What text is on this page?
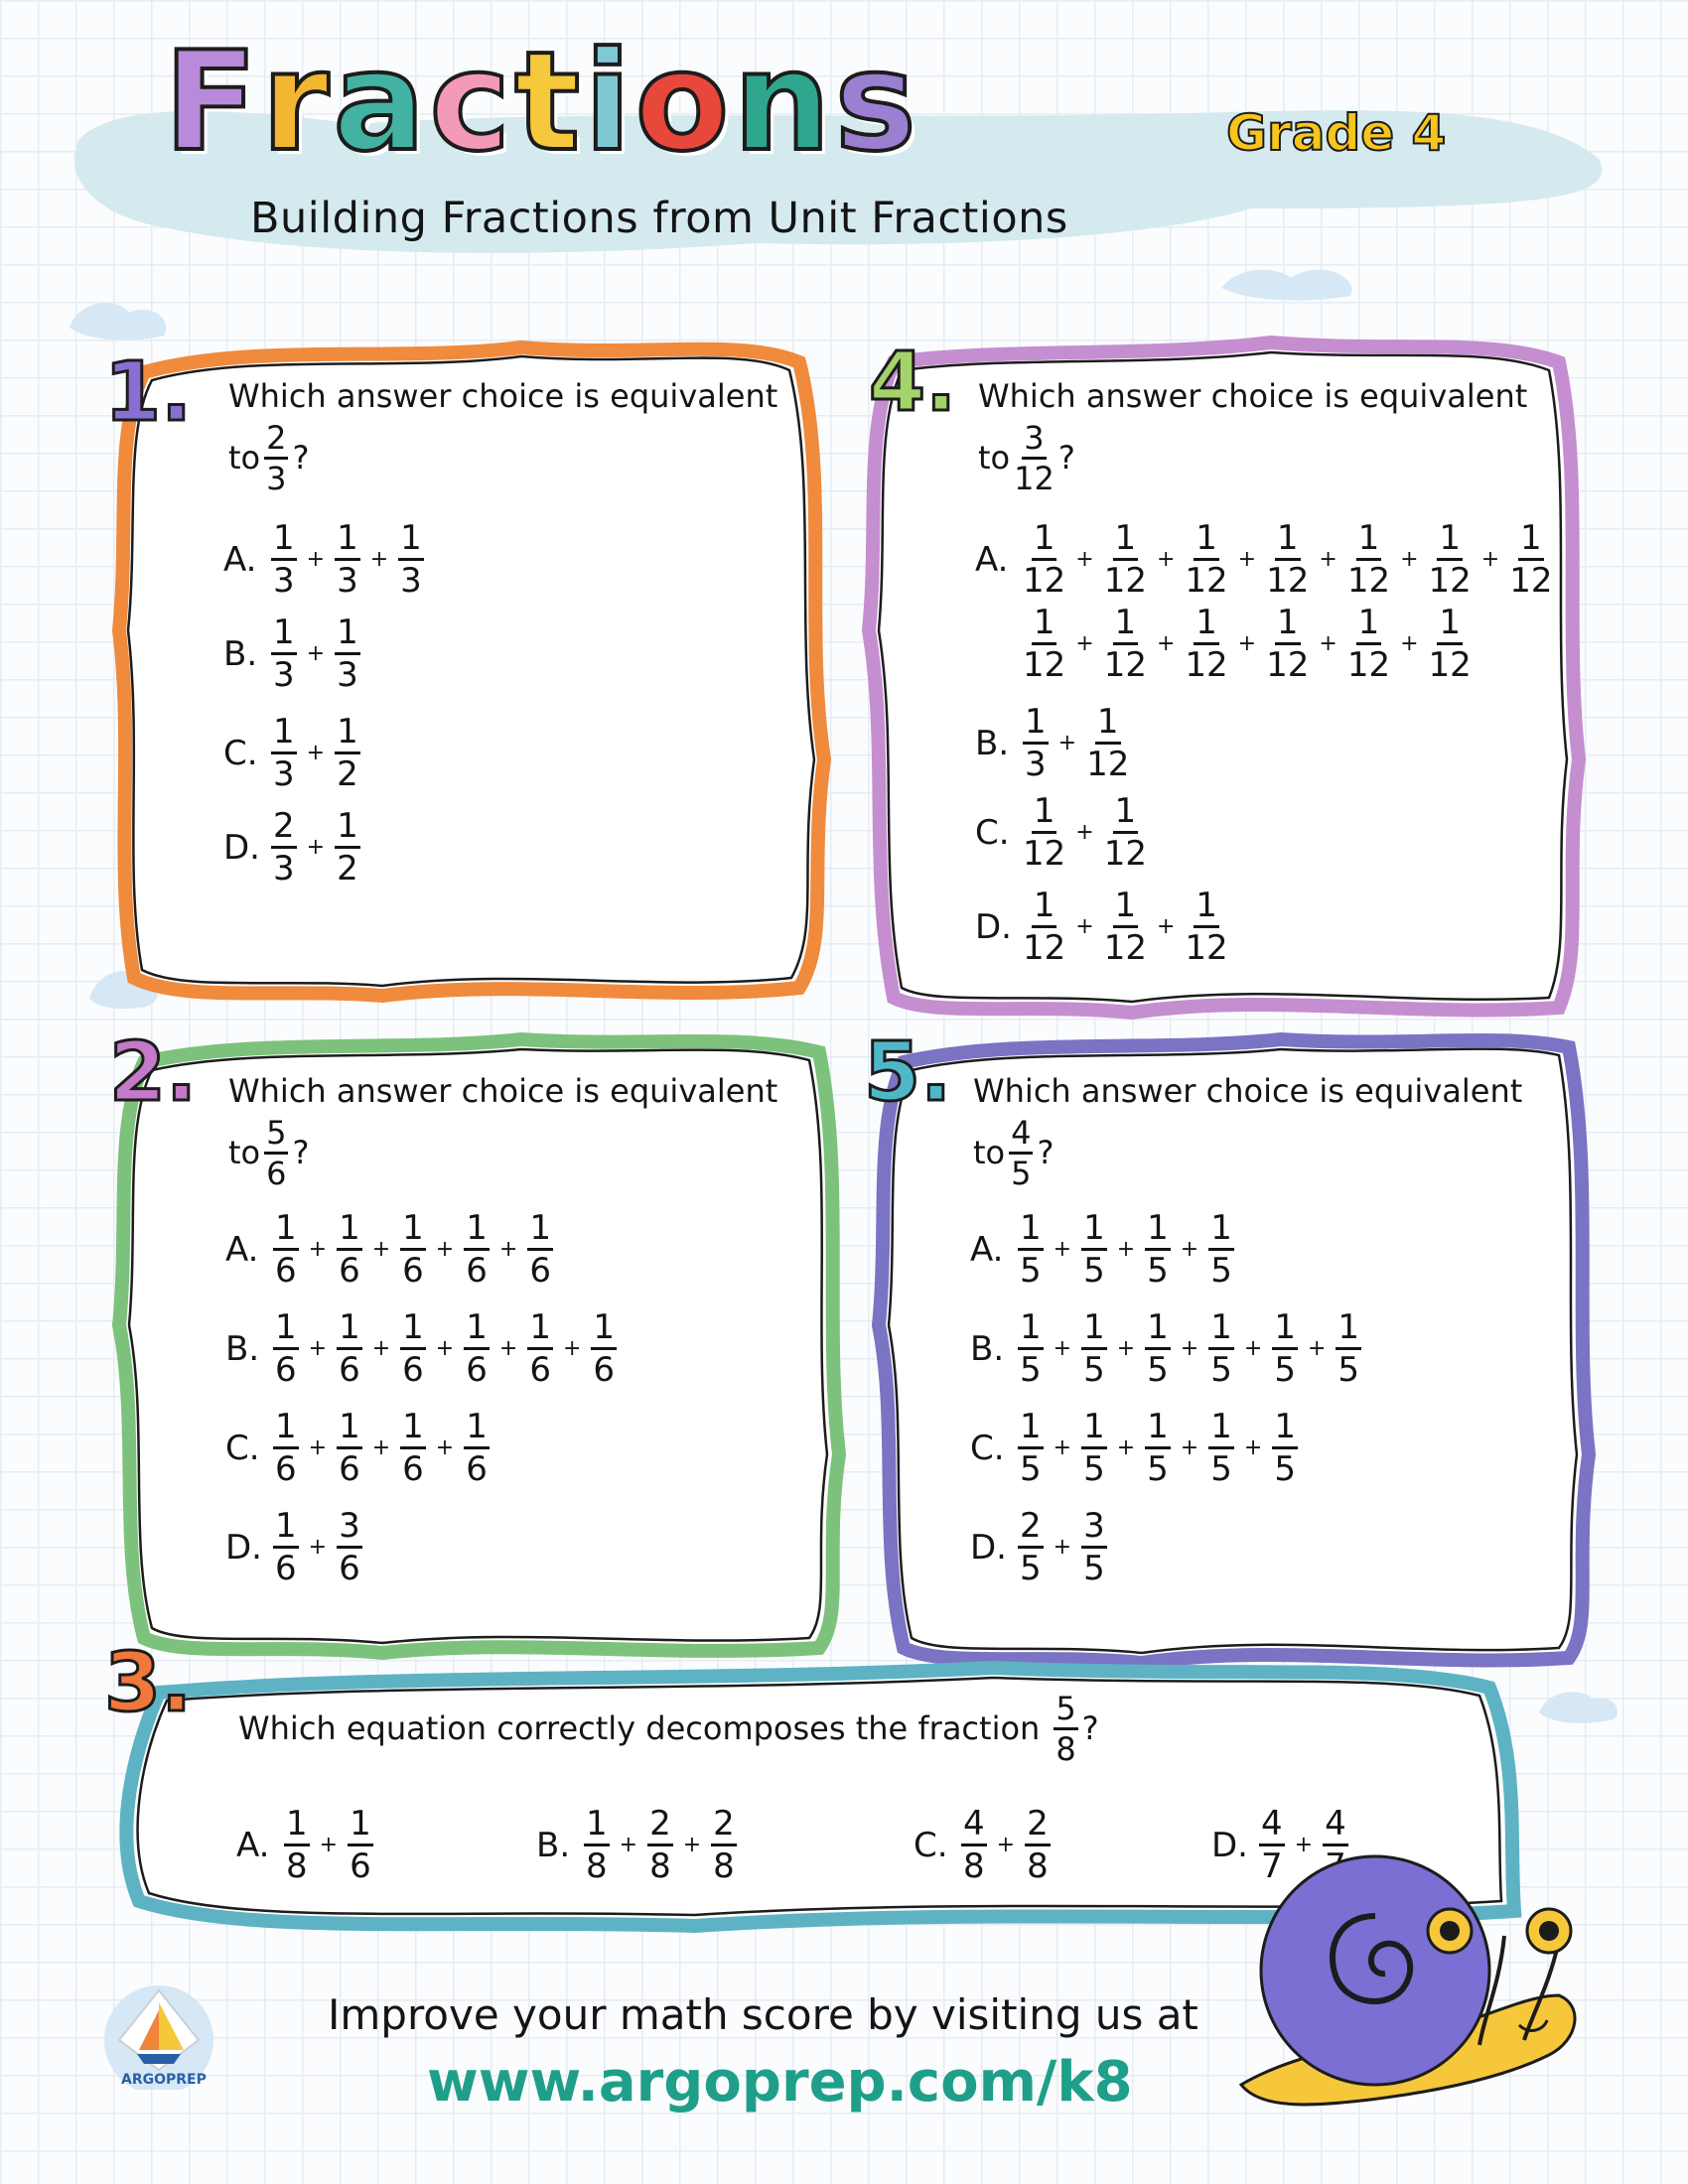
F r a c t i o n s	Grade 4
Building Fractions from Unit Fractions
1. Which answer choice is equivalent
to $\frac{2}{3}$ ?
A. $\frac{1}{3} + \frac{1}{3} + \frac{1}{3}$
B. $\frac{1}{3} + \frac{1}{3}$
C. $\frac{1}{3} + \frac{1}{2}$
D. $\frac{2}{3} + \frac{1}{2}$
4. Which answer choice is equivalent
to $\frac{3}{12}$ ?
A. $\frac{1}{12} + \frac{1}{12} + \frac{1}{12} + \frac{1}{12} + \frac{1}{12} + \frac{1}{12} + \frac{1}{12}$
$\frac{1}{12} + \frac{1}{12} + \frac{1}{12} + \frac{1}{12} + \frac{1}{12} + \frac{1}{12}$
B. $\frac{1}{3} + \frac{1}{12}$
C. $\frac{1}{12} + \frac{1}{12}$
D. $\frac{1}{12} + \frac{1}{12} + \frac{1}{12}$
2. Which answer choice is equivalent
to $\frac{5}{6}$ ?
A. $\frac{1}{6} + \frac{1}{6} + \frac{1}{6} + \frac{1}{6} + \frac{1}{6}$
B. $\frac{1}{6} + \frac{1}{6} + \frac{1}{6} + \frac{1}{6} + \frac{1}{6} + \frac{1}{6}$
C. $\frac{1}{6} + \frac{1}{6} + \frac{1}{6} + \frac{1}{6}$
D. $\frac{1}{6} + \frac{3}{6}$
5. Which answer choice is equivalent
to $\frac{4}{5}$ ?
A. $\frac{1}{5} + \frac{1}{5} + \frac{1}{5} + \frac{1}{5}$
B. $\frac{1}{5} + \frac{1}{5} + \frac{1}{5} + \frac{1}{5} + \frac{1}{5} + \frac{1}{5}$
C. $\frac{1}{5} + \frac{1}{5} + \frac{1}{5} + \frac{1}{5} + \frac{1}{5}$
D. $\frac{2}{5} + \frac{3}{5}$
3. Which equation correctly decomposes the fraction $\frac{5}{8}$ ?
A. $\frac{1}{8} + \frac{1}{6}$	B. $\frac{1}{8} + \frac{2}{8} + \frac{2}{8}$	C. $\frac{4}{8} + \frac{2}{8}$	D. $\frac{4}{7}$ +
4
ARGOPREP
Improve your math score by visiting us at
www.argoprep.com/k8
